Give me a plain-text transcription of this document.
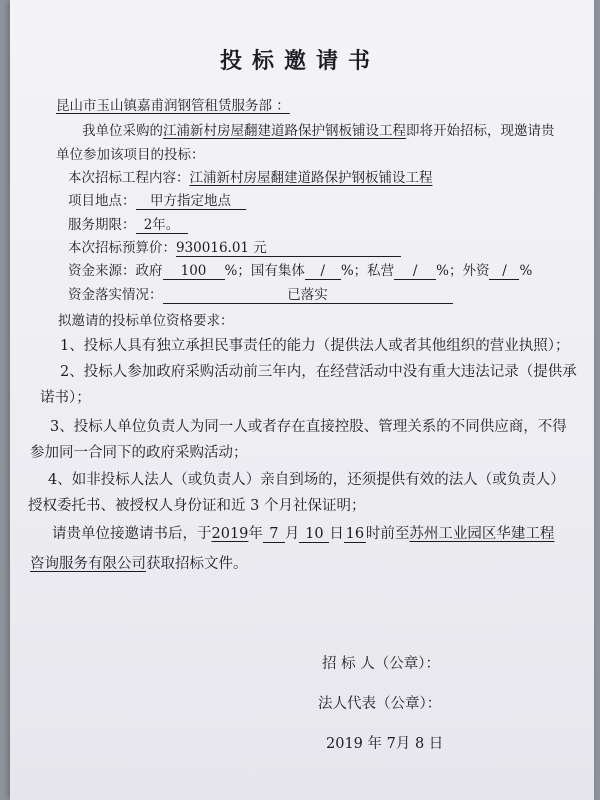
投标邀请书
昆山市玉山镇嘉甫润钢管租赁服务部 ：
我单位采购的江浦新村房屋翻建道路保护钢板铺设工程即将开始招标，现邀请贵
单位参加该项目的投标：
本次招标工程内容：江浦新村房屋翻建道路保护钢板铺设工程
项目地点： 甲方指定地点
服务期限： 2年。
本次招标预算价：930016.01 元
资金来源：政府 100 %；国有集体 / %；私营 / %；外资 / %
资金落实情况：	已落实
拟邀请的投标单位资格要求：
1、投标人具有独立承担民事责任的能力（提供法人或者其他组织的营业执照）；
2、投标人参加政府采购活动前三年内，在经营活动中没有重大违法记录（提供承
诺书）；
3、投标人单位负责人为同一人或者存在直接控股、管理关系的不同供应商，不得
参加同一合同下的政府采购活动；
4、如非投标人法人（或负责人）亲自到场的，还须提供有效的法人（或负责人）
授权委托书、被授权人身份证和近 3 个月社保证明；
请贵单位接邀请书后，于2019年 7 月 10 日 16 时前至苏州工业园区华建工程
咨询服务有限公司获取招标文件。
招 标 人（公章）：
法人代表（公章）：
2019 年 7月 8 日
